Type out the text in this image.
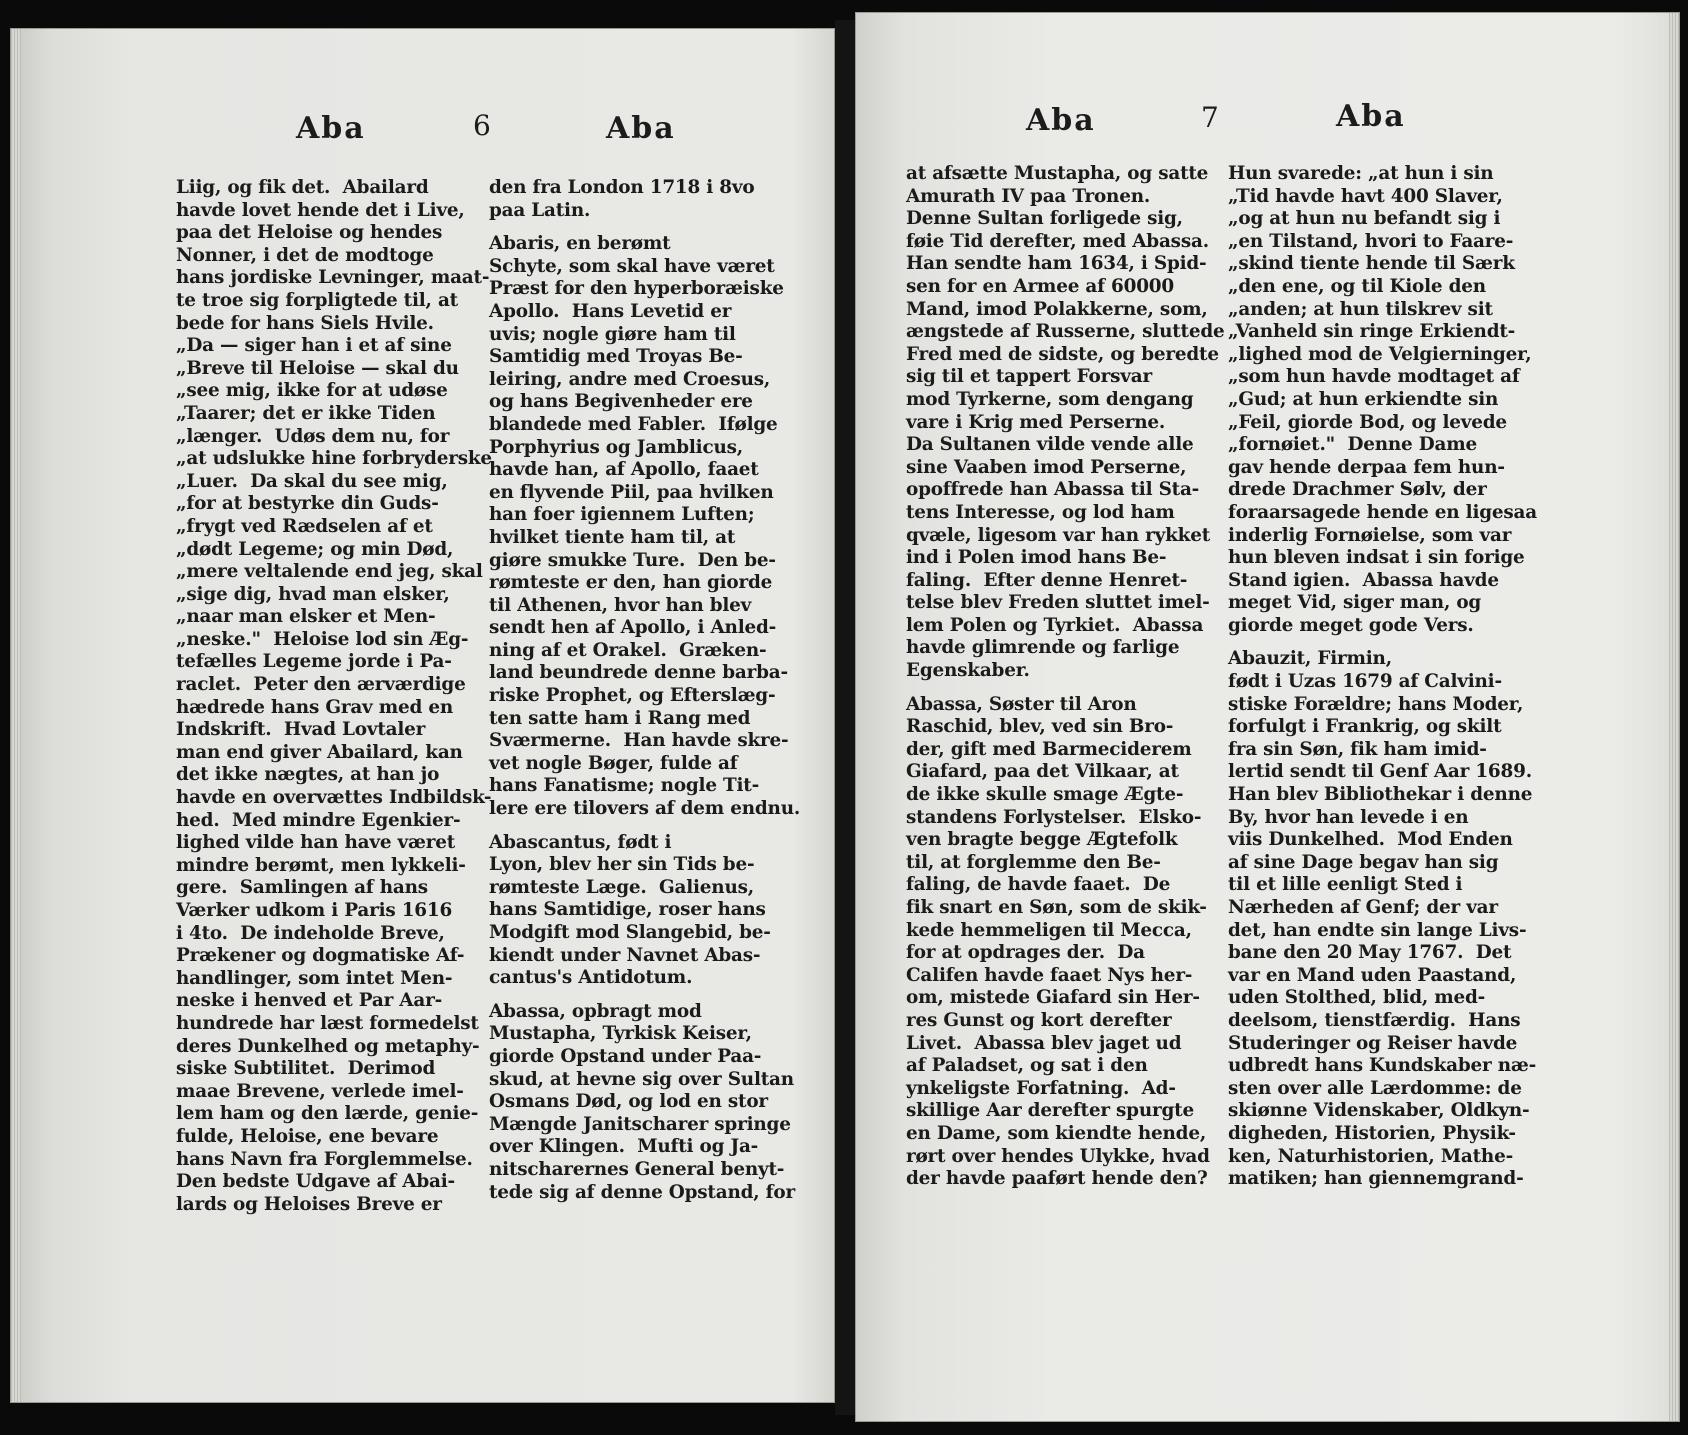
Aba	6	Aba
Liig, og fik det.  Abailard
havde lovet hende det i Live,
paa det Heloise og hendes
Nonner, i det de modtoge
hans jordiske Levninger, maat-
te troe sig forpligtede til, at
bede for hans Siels Hvile.
„Da — siger han i et af sine
„Breve til Heloise — skal du
„see mig, ikke for at udøse
„Taarer; det er ikke Tiden
„længer.  Udøs dem nu, for
„at udslukke hine forbryderske
„Luer.  Da skal du see mig,
„for at bestyrke din Guds-
„frygt ved Rædselen af et
„dødt Legeme; og min Død,
„mere veltalende end jeg, skal
„sige dig, hvad man elsker,
„naar man elsker et Men-
„neske."  Heloise lod sin Æg-
tefælles Legeme jorde i Pa-
raclet.  Peter den ærværdige
hædrede hans Grav med en
Indskrift.  Hvad Lovtaler
man end giver Abailard, kan
det ikke nægtes, at han jo
havde en overvættes Indbildsk-
hed.  Med mindre Egenkier-
lighed vilde han have været
mindre berømt, men lykkeli-
gere.  Samlingen af hans
Værker udkom i Paris 1616
i 4to.  De indeholde Breve,
Prækener og dogmatiske Af-
handlinger, som intet Men-
neske i henved et Par Aar-
hundrede har læst formedelst
deres Dunkelhed og metaphy-
siske Subtilitet.  Derimod
maae Brevene, verlede imel-
lem ham og den lærde, genie-
fulde, Heloise, ene bevare
hans Navn fra Forglemmelse.
Den bedste Udgave af Abai-
lards og Heloises Breve er
den fra London 1718 i 8vo
paa Latin.
Abaris, en berømt
Schyte, som skal have været
Præst for den hyperboræiske
Apollo.  Hans Levetid er
uvis; nogle giøre ham til
Samtidig med Troyas Be-
leiring, andre med Croesus,
og hans Begivenheder ere
blandede med Fabler.  Ifølge
Porphyrius og Jamblicus,
havde han, af Apollo, faaet
en flyvende Piil, paa hvilken
han foer igiennem Luften;
hvilket tiente ham til, at
giøre smukke Ture.  Den be-
rømteste er den, han giorde
til Athenen, hvor han blev
sendt hen af Apollo, i Anled-
ning af et Orakel.  Græken-
land beundrede denne barba-
riske Prophet, og Efterslæg-
ten satte ham i Rang med
Sværmerne.  Han havde skre-
vet nogle Bøger, fulde af
hans Fanatisme; nogle Tit-
lere ere tilovers af dem endnu.
Abascantus, født i
Lyon, blev her sin Tids be-
rømteste Læge.  Galienus,
hans Samtidige, roser hans
Modgift mod Slangebid, be-
kiendt under Navnet Abas-
cantus's Antidotum.
Abassa, opbragt mod
Mustapha, Tyrkisk Keiser,
giorde Opstand under Paa-
skud, at hevne sig over Sultan
Osmans Død, og lod en stor
Mængde Janitscharer springe
over Klingen.  Mufti og Ja-
nitscharernes General benyt-
tede sig af denne Opstand, for
Aba	7	Aba
at afsætte Mustapha, og satte
Amurath IV paa Tronen.
Denne Sultan forligede sig,
føie Tid derefter, med Abassa.
Han sendte ham 1634, i Spid-
sen for en Armee af 60000
Mand, imod Polakkerne, som,
ængstede af Russerne, sluttede
Fred med de sidste, og beredte
sig til et tappert Forsvar
mod Tyrkerne, som dengang
vare i Krig med Perserne.
Da Sultanen vilde vende alle
sine Vaaben imod Perserne,
opoffrede han Abassa til Sta-
tens Interesse, og lod ham
qvæle, ligesom var han rykket
ind i Polen imod hans Be-
faling.  Efter denne Henret-
telse blev Freden sluttet imel-
lem Polen og Tyrkiet.  Abassa
havde glimrende og farlige
Egenskaber.
Abassa, Søster til Aron
Raschid, blev, ved sin Bro-
der, gift med Barmeciderem
Giafard, paa det Vilkaar, at
de ikke skulle smage Ægte-
standens Forlystelser.  Elsko-
ven bragte begge Ægtefolk
til, at forglemme den Be-
faling, de havde faaet.  De
fik snart en Søn, som de skik-
kede hemmeligen til Mecca,
for at opdrages der.  Da
Califen havde faaet Nys her-
om, mistede Giafard sin Her-
res Gunst og kort derefter
Livet.  Abassa blev jaget ud
af Paladset, og sat i den
ynkeligste Forfatning.  Ad-
skillige Aar derefter spurgte
en Dame, som kiendte hende,
rørt over hendes Ulykke, hvad
der havde paaført hende den?
Hun svarede: „at hun i sin
„Tid havde havt 400 Slaver,
„og at hun nu befandt sig i
„en Tilstand, hvori to Faare-
„skind tiente hende til Særk
„den ene, og til Kiole den
„anden; at hun tilskrev sit
„Vanheld sin ringe Erkiendt-
„lighed mod de Velgierninger,
„som hun havde modtaget af
„Gud; at hun erkiendte sin
„Feil, giorde Bod, og levede
„fornøiet."  Denne Dame
gav hende derpaa fem hun-
drede Drachmer Sølv, der
foraarsagede hende en ligesaa
inderlig Fornøielse, som var
hun bleven indsat i sin forige
Stand igien.  Abassa havde
meget Vid, siger man, og
giorde meget gode Vers.
Abauzit, Firmin,
født i Uzas 1679 af Calvini-
stiske Forældre; hans Moder,
forfulgt i Frankrig, og skilt
fra sin Søn, fik ham imid-
lertid sendt til Genf Aar 1689.
Han blev Bibliothekar i denne
By, hvor han levede i en
viis Dunkelhed.  Mod Enden
af sine Dage begav han sig
til et lille eenligt Sted i
Nærheden af Genf; der var
det, han endte sin lange Livs-
bane den 20 May 1767.  Det
var en Mand uden Paastand,
uden Stolthed, blid, med-
deelsom, tienstfærdig.  Hans
Studeringer og Reiser havde
udbredt hans Kundskaber næ-
sten over alle Lærdomme: de
skiønne Videnskaber, Oldkyn-
digheden, Historien, Physik-
ken, Naturhistorien, Mathe-
matiken; han giennemgrand-
